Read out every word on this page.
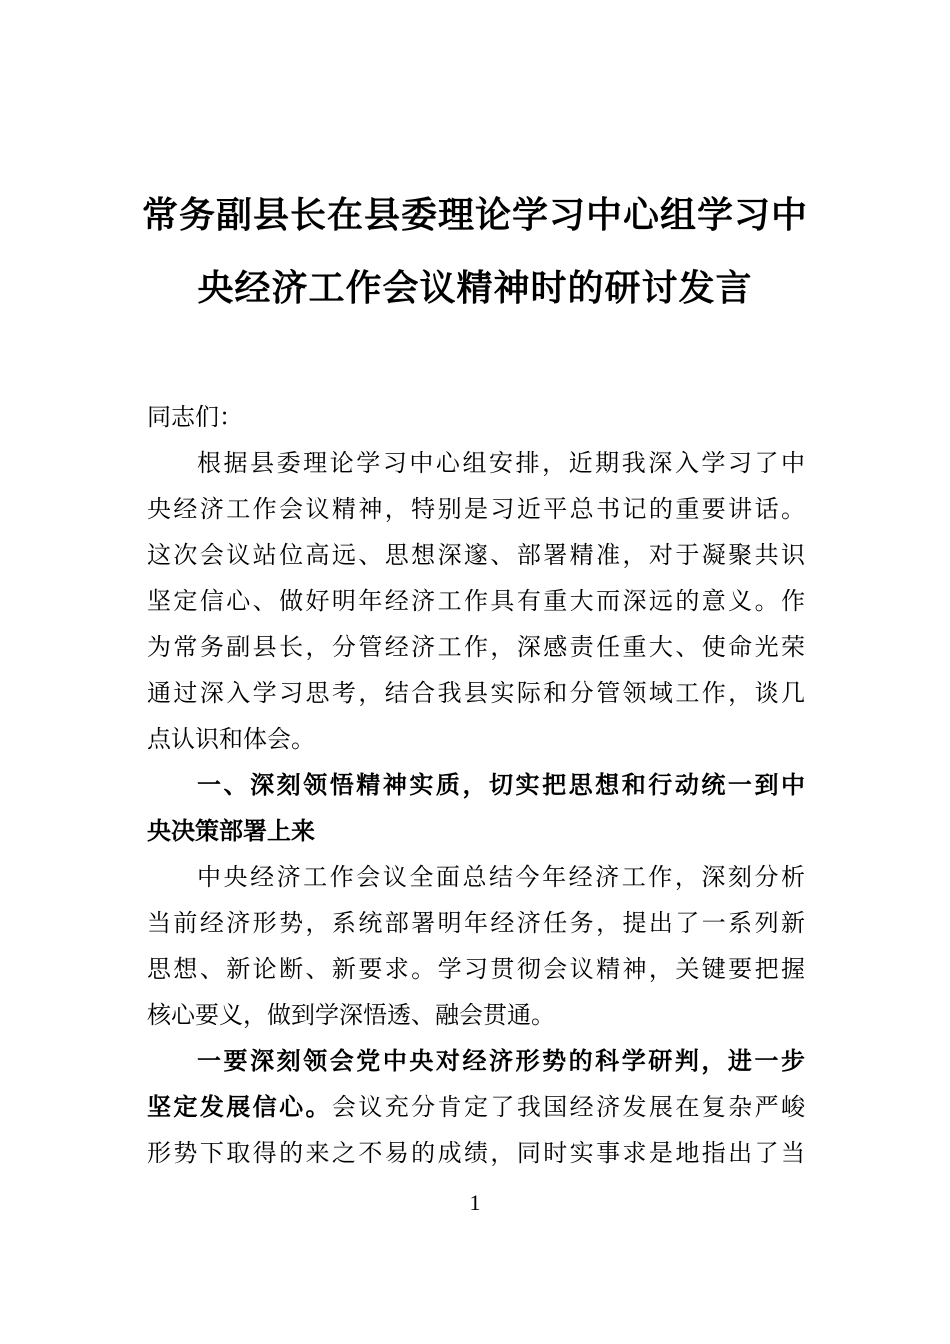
常务副县长在县委理论学习中心组学习中
央经济工作会议精神时的研讨发言
同志们：
根据县委理论学习中心组安排，近期我深入学习了中
央经济工作会议精神，特别是习近平总书记的重要讲话。
这次会议站位高远、思想深邃、部署精准，对于凝聚共识
坚定信心、做好明年经济工作具有重大而深远的意义。作
为常务副县长，分管经济工作，深感责任重大、使命光荣
通过深入学习思考，结合我县实际和分管领域工作，谈几
点认识和体会。
一、深刻领悟精神实质，切实把思想和行动统一到中
央决策部署上来
中央经济工作会议全面总结今年经济工作，深刻分析
当前经济形势，系统部署明年经济任务，提出了一系列新
思想、新论断、新要求。学习贯彻会议精神，关键要把握
核心要义，做到学深悟透、融会贯通。
一要深刻领会党中央对经济形势的科学研判，进一步
坚定发展信心。会议充分肯定了我国经济发展在复杂严峻
形势下取得的来之不易的成绩，同时实事求是地指出了当
1
